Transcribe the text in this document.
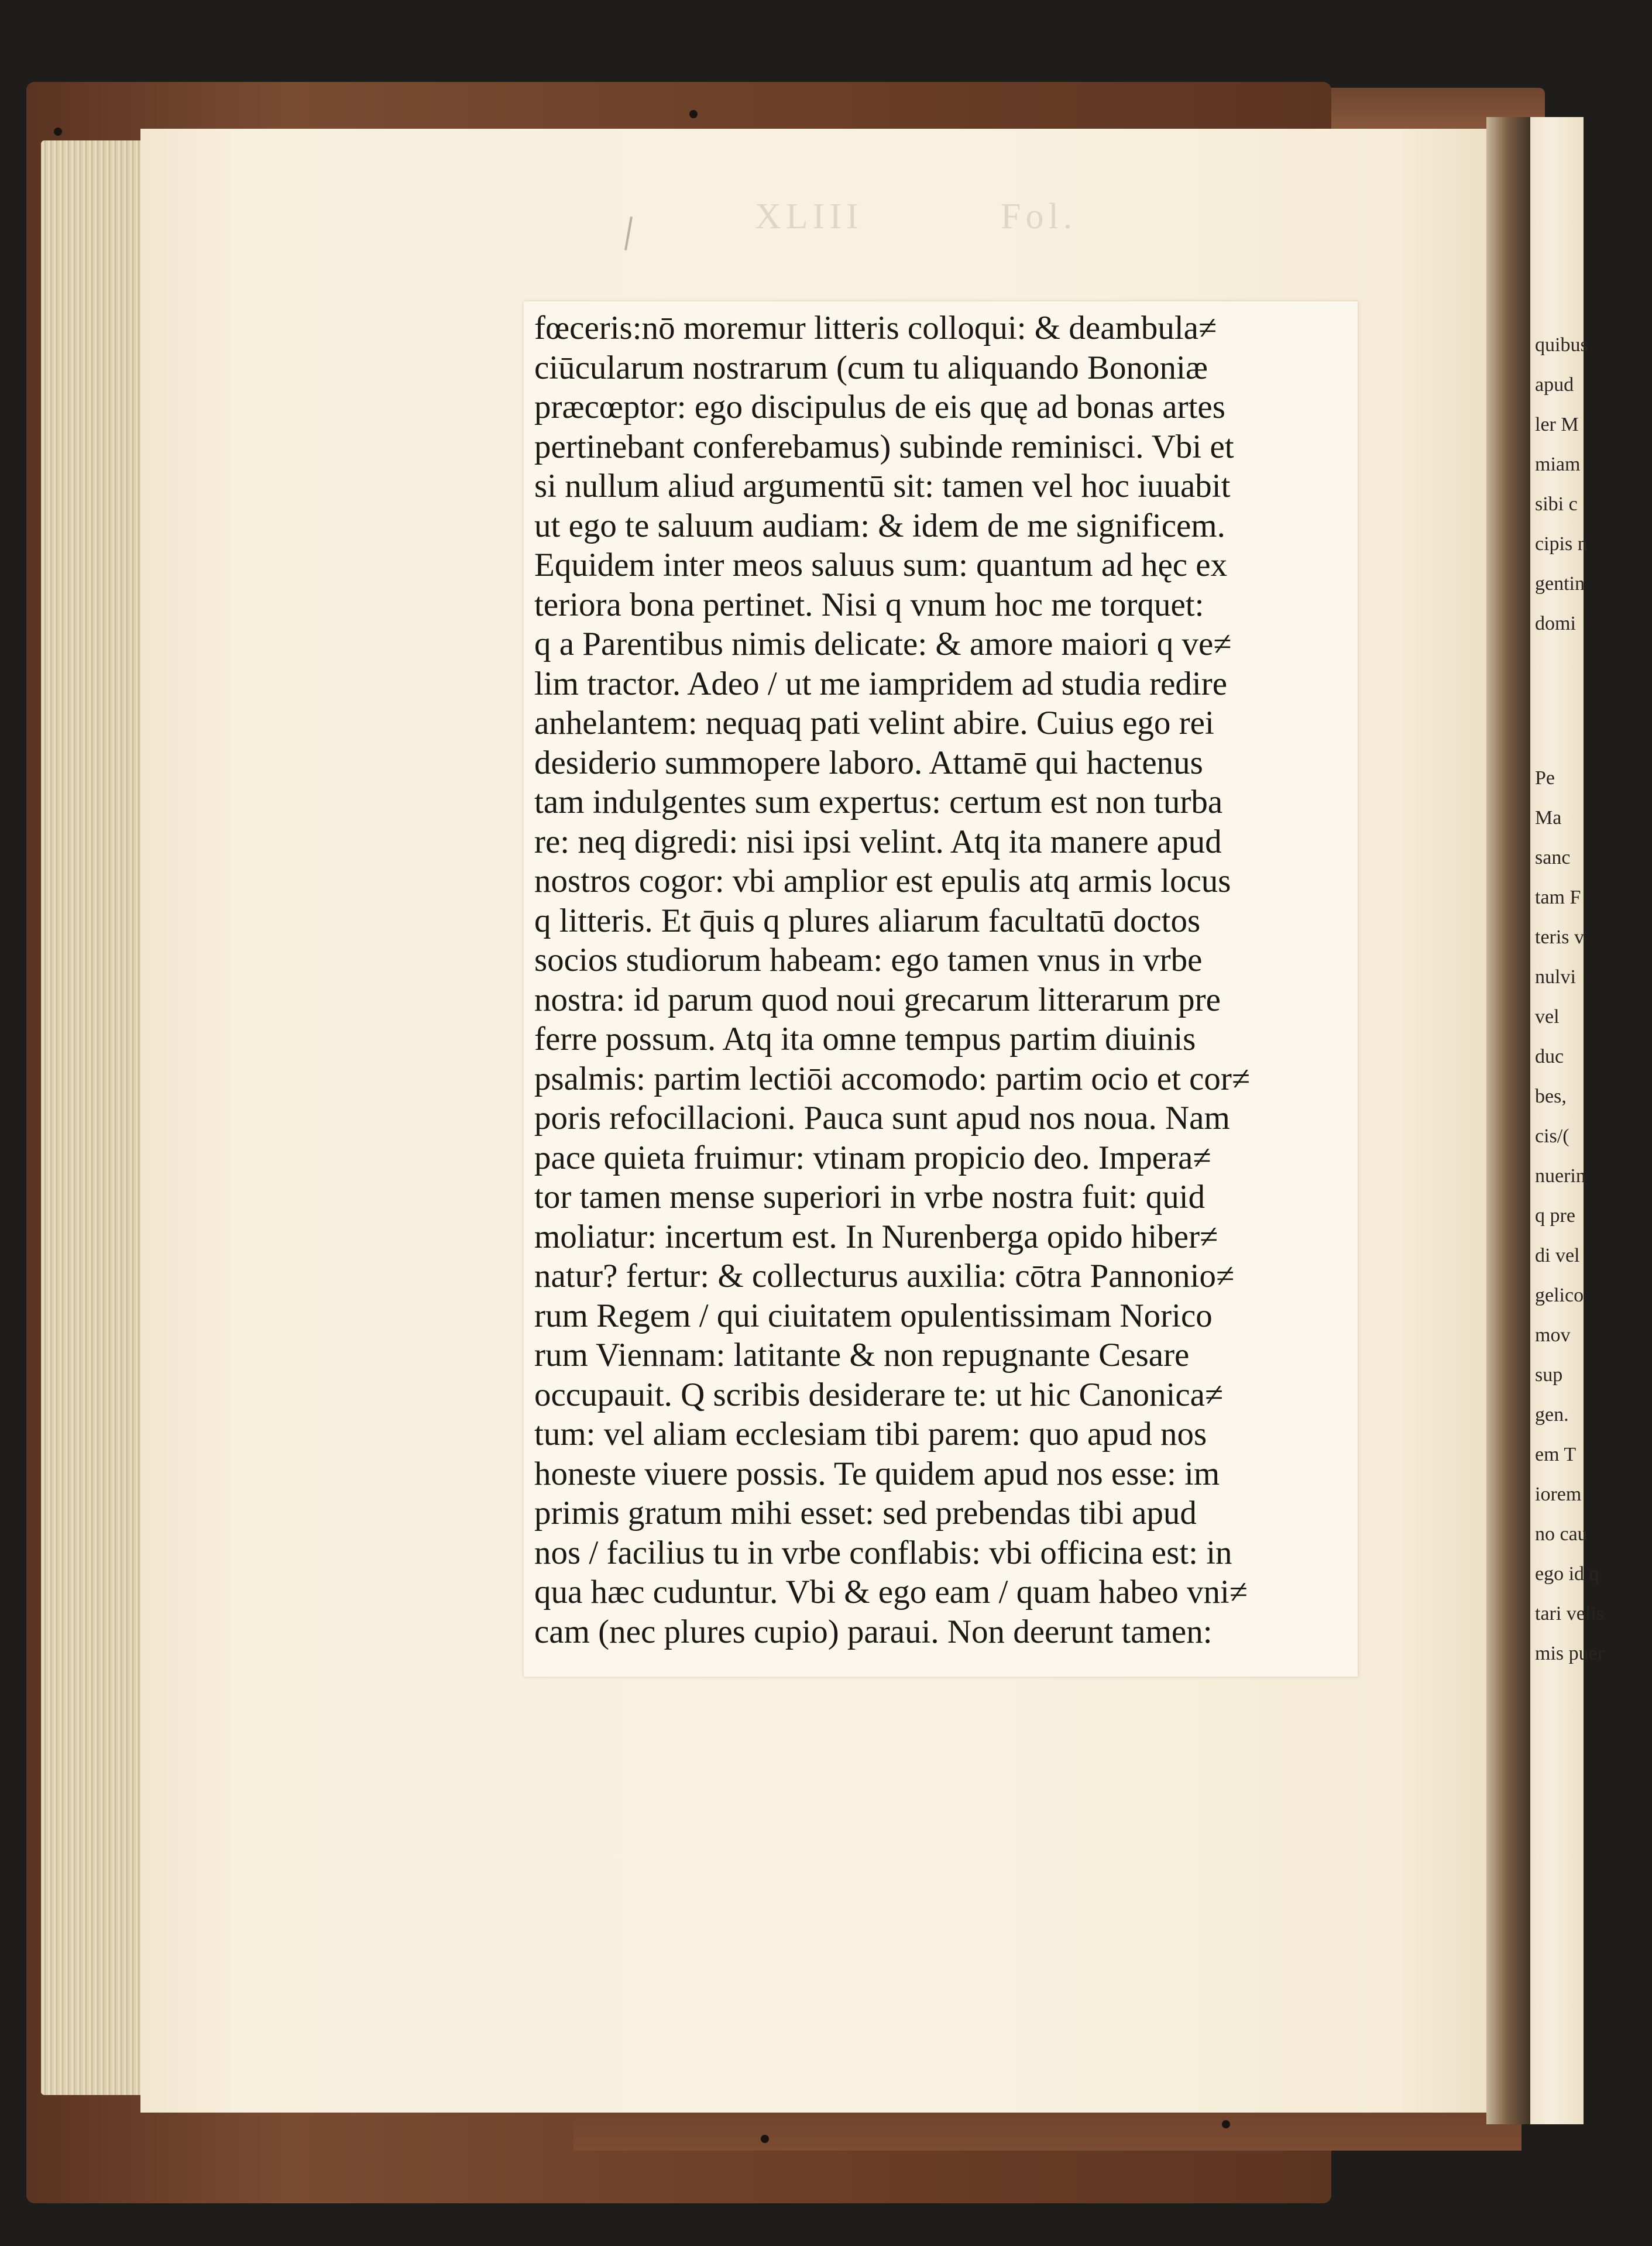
Fol.
XLIII
fœceris:nō moremur litteris colloqui: & deambula≠
ciūcularum nostrarum (cum tu aliquando Bononiæ
præcœptor: ego discipulus de eis quę ad bonas artes
pertinebant conferebamus) subinde reminisci. Vbi et
si nullum aliud argumentū sit: tamen vel hoc iuuabit
ut ego te saluum audiam: & idem de me significem.
Equidem inter meos saluus sum: quantum ad hęc ex
teriora bona pertinet. Nisi q vnum hoc me torquet:
q a Parentibus nimis delicate: & amore maiori q ve≠
lim tractor. Adeo / ut me iampridem ad studia redire
anhelantem: nequaq pati velint abire. Cuius ego rei
desiderio summopere laboro. Attamē qui hactenus
tam indulgentes sum expertus: certum est non turba
re: neq digredi: nisi ipsi velint. Atq ita manere apud
nostros cogor: vbi amplior est epulis atq armis locus
q litteris. Et q̄uis q plures aliarum facultatū doctos
socios studiorum habeam: ego tamen vnus in vrbe
nostra: id parum quod noui grecarum litterarum pre
ferre possum. Atq ita omne tempus partim diuinis
psalmis: partim lectiōi accomodo: partim ocio et cor≠
poris refocillacioni. Pauca sunt apud nos noua. Nam
pace quieta fruimur: vtinam propicio deo. Impera≠
tor tamen mense superiori in vrbe nostra fuit: quid
moliatur: incertum est. In Nurenberga opido hiber≠
natur? fertur: & collecturus auxilia: cōtra Pannonio≠
rum Regem / qui ciuitatem opulentissimam Norico
rum Viennam: latitante & non repugnante Cesare
occupauit. Q scribis desiderare te: ut hic Canonica≠
tum: vel aliam ecclesiam tibi parem: quo apud nos
honeste viuere possis. Te quidem apud nos esse: im
primis gratum mihi esset: sed prebendas tibi apud
nos / facilius tu in vrbe conflabis: vbi officina est: in
qua hæc cuduntur. Vbi & ego eam / quam habeo vni≠
cam (nec plures cupio) paraui. Non deerunt tamen:
quibus
apud
ler M
miam
sibi c
cipis n
gentin
domi
Pe
Ma
sanc
tam F
teris v
nulvi
vel
duc
bes,
cis/(
nuerin
q pre
di vel
gelico
mov
sup
gen.
em T
iorem
no cau
ego id q
tari velis
mis puer
